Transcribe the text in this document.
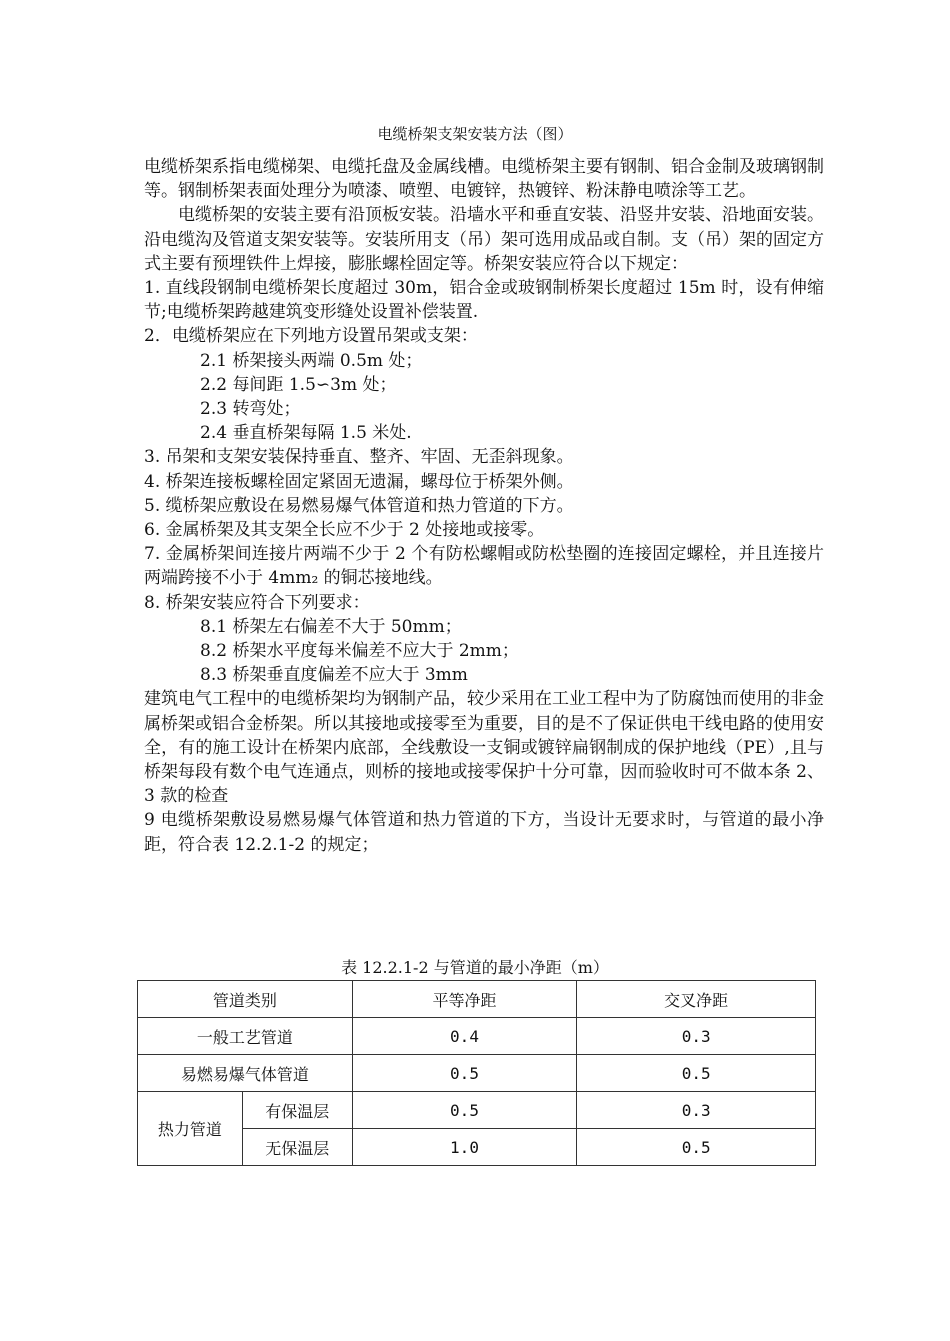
电缆桥架支架安装方法（图）

电缆桥架系指电缆梯架、电缆托盘及金属线槽。电缆桥架主要有钢制、铝合金制及玻璃钢制等。钢制桥架表面处理分为喷漆、喷塑、电镀锌，热镀锌、粉沫静电喷涂等工艺。

电缆桥架的安装主要有沿顶板安装。沿墙水平和垂直安装、沿竖井安装、沿地面安装。沿电缆沟及管道支架安装等。安装所用支（吊）架可选用成品或自制。支（吊）架的固定方式主要有预埋铁件上焊接，膨胀螺栓固定等。桥架安装应符合以下规定：

1. 直线段钢制电缆桥架长度超过 30m，铝合金或玻钢制桥架长度超过 15m 时，设有伸缩节;电缆桥架跨越建筑变形缝处设置补偿装置.

2．电缆桥架应在下列地方设置吊架或支架：

2.1 桥架接头两端 0.5m 处；

2.2 每间距 1.5∽3m 处；

2.3 转弯处；

2.4 垂直桥架每隔 1.5 米处.

3. 吊架和支架安装保持垂直、整齐、牢固、无歪斜现象。

4. 桥架连接板螺栓固定紧固无遗漏，螺母位于桥架外侧。

5. 缆桥架应敷设在易燃易爆气体管道和热力管道的下方。

6. 金属桥架及其支架全长应不少于 2 处接地或接零。

7. 金属桥架间连接片两端不少于 2 个有防松螺帽或防松垫圈的连接固定螺栓，并且连接片两端跨接不小于 4mm₂ 的铜芯接地线。

8. 桥架安装应符合下列要求：

8.1 桥架左右偏差不大于 50mm；

8.2 桥架水平度每米偏差不应大于 2mm；

8.3 桥架垂直度偏差不应大于 3mm

建筑电气工程中的电缆桥架均为钢制产品，较少采用在工业工程中为了防腐蚀而使用的非金属桥架或铝合金桥架。所以其接地或接零至为重要，目的是不了保证供电干线电路的使用安全，有的施工设计在桥架内底部，全线敷设一支铜或镀锌扁钢制成的保护地线（PE）,且与桥架每段有数个电气连通点，则桥的接地或接零保护十分可靠，因而验收时可不做本条 2、3 款的检查

9 电缆桥架敷设易燃易爆气体管道和热力管道的下方，当设计无要求时，与管道的最小净距，符合表 12.2.1-2 的规定；

表 12.2.1-2 与管道的最小净距（m）
管道类别		平等净距	交叉净距
一般工艺管道		0.4	0.3
易燃易爆气体管道		0.5	0.5
热力管道	有保温层	0.5	0.3
	无保温层	1.0	0.5
